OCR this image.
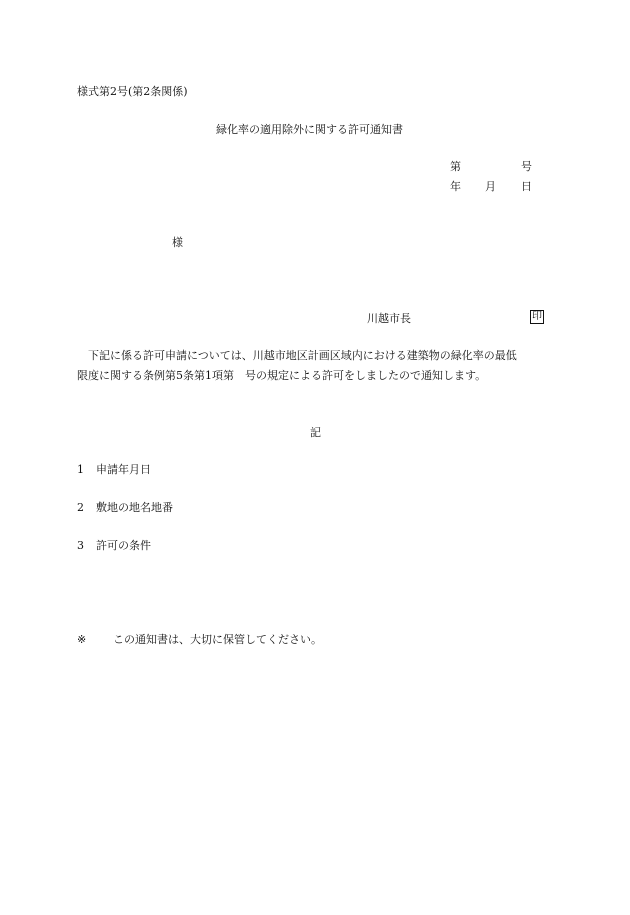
様式第2号(第2条関係)
緑化率の適用除外に関する許可通知書
第	号
年 月 日
様
川越市長	印
　下記に係る許可申請については、川越市地区計画区域内における建築物の緑化率の最低
限度に関する条例第5条第1項第　号の規定による許可をしましたので通知します。
記
1 申請年月日
2 敷地の地名地番
3 許可の条件
※ この通知書は、大切に保管してください。
